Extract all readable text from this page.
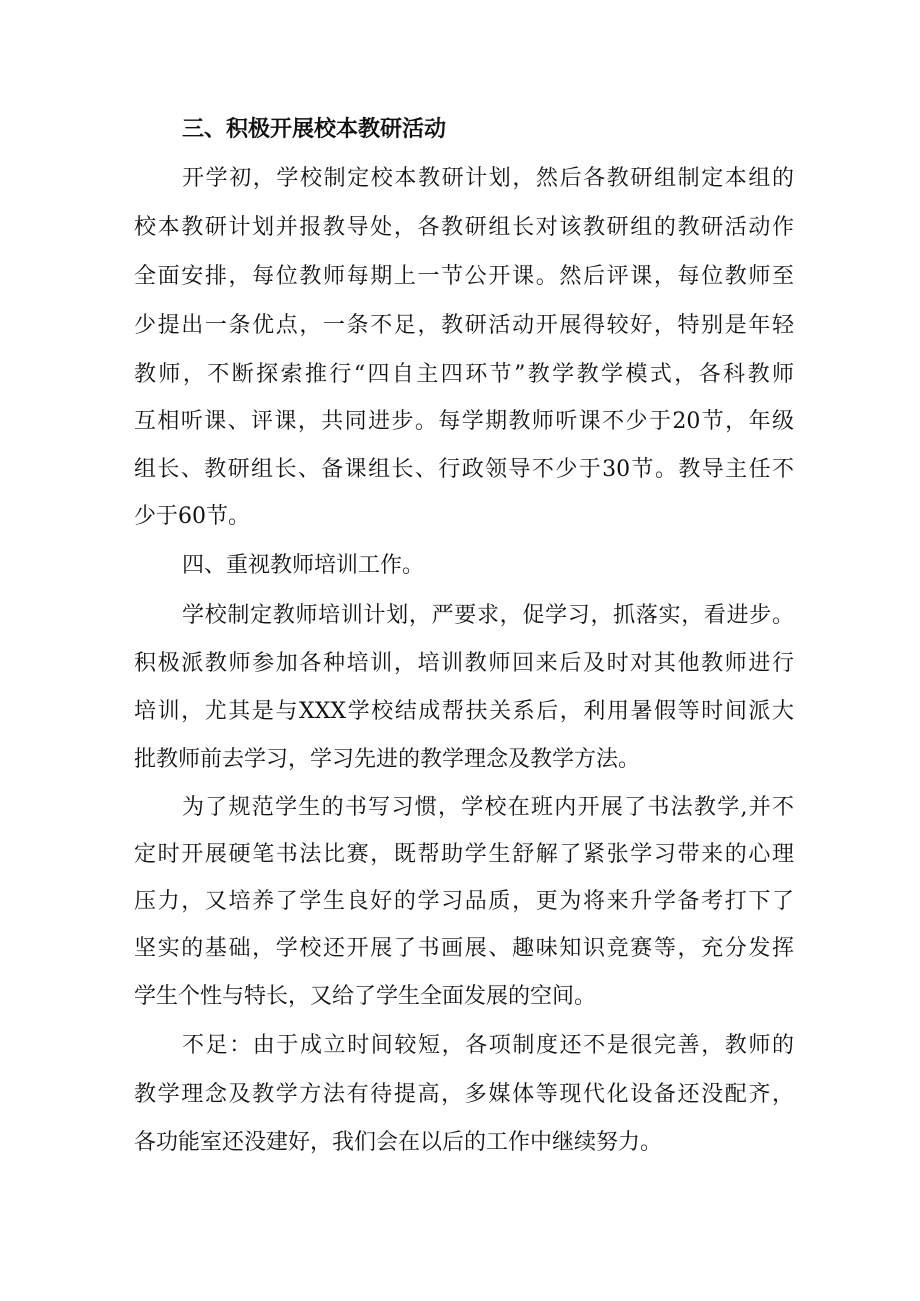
三、积极开展校本教研活动
开学初，学校制定校本教研计划，然后各教研组制定本组的
校本教研计划并报教导处，各教研组长对该教研组的教研活动作
全面安排，每位教师每期上一节公开课。然后评课，每位教师至
少提出一条优点，一条不足，教研活动开展得较好，特别是年轻
教师，不断探索推行“四自主四环节”教学教学模式，各科教师
互相听课、评课，共同进步。每学期教师听课不少于20节，年级
组长、教研组长、备课组长、行政领导不少于30节。教导主任不
少于60节。
四、重视教师培训工作。
学校制定教师培训计划，严要求，促学习，抓落实，看进步。
积极派教师参加各种培训，培训教师回来后及时对其他教师进行
培训，尤其是与XXX学校结成帮扶关系后，利用暑假等时间派大
批教师前去学习，学习先进的教学理念及教学方法。
为了规范学生的书写习惯，学校在班内开展了书法教学,并不
定时开展硬笔书法比赛，既帮助学生舒解了紧张学习带来的心理
压力，又培养了学生良好的学习品质，更为将来升学备考打下了
坚实的基础，学校还开展了书画展、趣味知识竞赛等，充分发挥
学生个性与特长，又给了学生全面发展的空间。
不足：由于成立时间较短，各项制度还不是很完善，教师的
教学理念及教学方法有待提高，多媒体等现代化设备还没配齐，
各功能室还没建好，我们会在以后的工作中继续努力。
